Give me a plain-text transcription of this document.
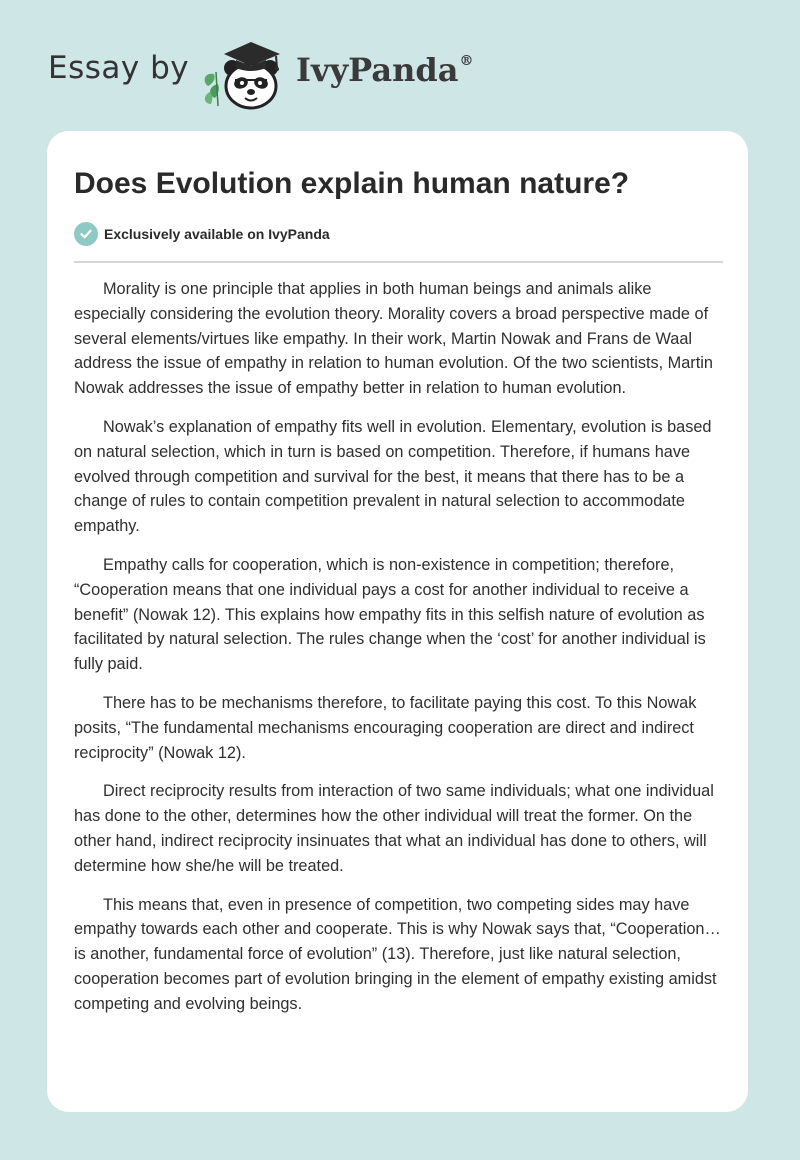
Essay by	IvyPanda®
Does Evolution explain human nature?
Exclusively available on IvyPanda

Morality is one principle that applies in both human beings and animals alike especially considering the evolution theory. Morality covers a broad perspective made of several elements/virtues like empathy. In their work, Martin Nowak and Frans de Waal address the issue of empathy in relation to human evolution. Of the two scientists, Martin Nowak addresses the issue of empathy better in relation to human evolution.

Nowak’s explanation of empathy fits well in evolution. Elementary, evolution is based on natural selection, which in turn is based on competition. Therefore, if humans have evolved through competition and survival for the best, it means that there has to be a change of rules to contain competition prevalent in natural selection to accommodate empathy.

Empathy calls for cooperation, which is non-existence in competition; therefore, “Cooperation means that one individual pays a cost for another individual to receive a benefit” (Nowak 12). This explains how empathy fits in this selfish nature of evolution as facilitated by natural selection. The rules change when the ‘cost’ for another individual is fully paid.

There has to be mechanisms therefore, to facilitate paying this cost. To this Nowak posits, “The fundamental mechanisms encouraging cooperation are direct and indirect reciprocity” (Nowak 12).

Direct reciprocity results from interaction of two same individuals; what one individual has done to the other, determines how the other individual will treat the former. On the other hand, indirect reciprocity insinuates that what an individual has done to others, will determine how she/he will be treated.

This means that, even in presence of competition, two competing sides may have empathy towards each other and cooperate. This is why Nowak says that, “Cooperation…is another, fundamental force of evolution” (13). Therefore, just like natural selection, cooperation becomes part of evolution bringing in the element of empathy existing amidst competing and evolving beings.
